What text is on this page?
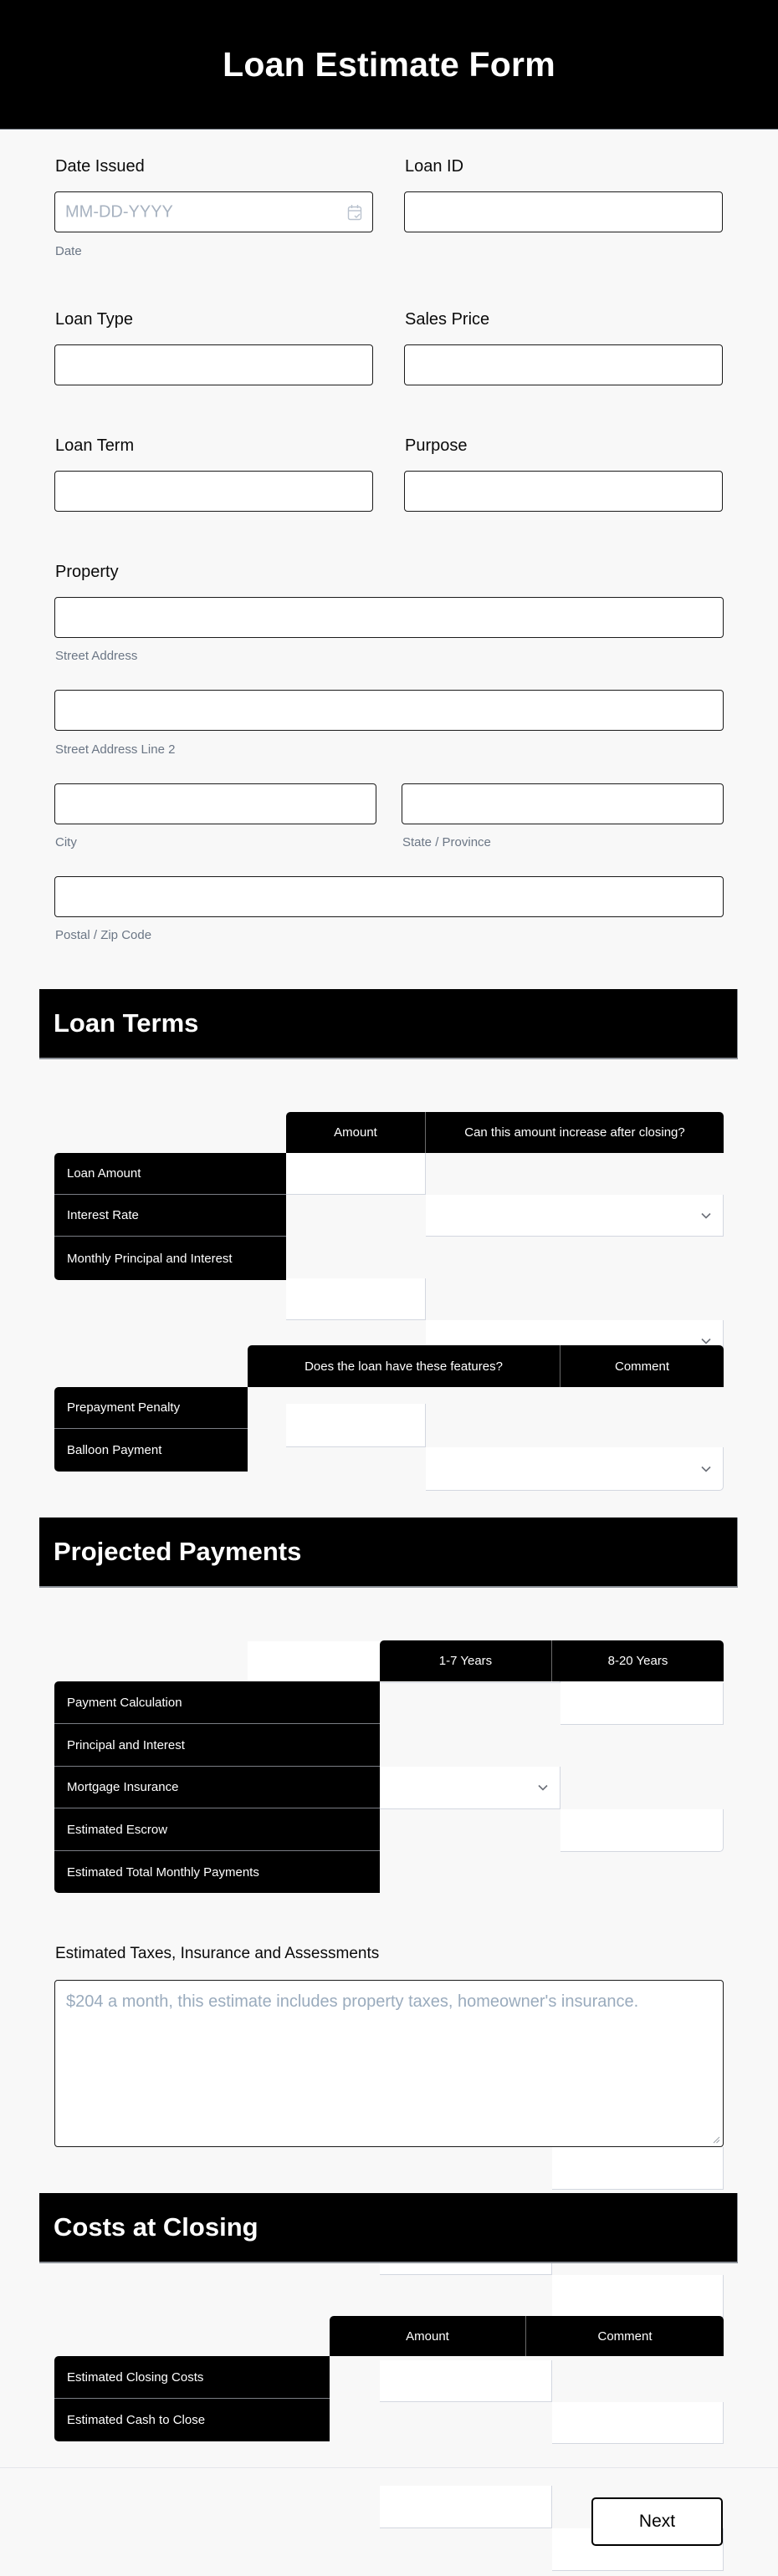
Loan Estimate Form
Date Issued
MM-DD-YYYY
Date
Loan ID
Loan Type	Sales Price
Loan Term	Purpose
Property
Street Address
Street Address Line 2
City	State / Province
Postal / Zip Code
Loan Terms
Amount	Can this amount increase after closing?
Loan Amount
Interest Rate
Monthly Principal and Interest
Does the loan have these features?	Comment
Prepayment Penalty
Balloon Payment
Projected Payments
1-7 Years	8-20 Years
Payment Calculation
Principal and Interest
Mortgage Insurance
Estimated Escrow
Estimated Total Monthly Payments
Estimated Taxes, Insurance and Assessments
$204 a month, this estimate includes property taxes, homeowner's insurance.
Costs at Closing
Amount	Comment
Estimated Closing Costs
Estimated Cash to Close
Next
